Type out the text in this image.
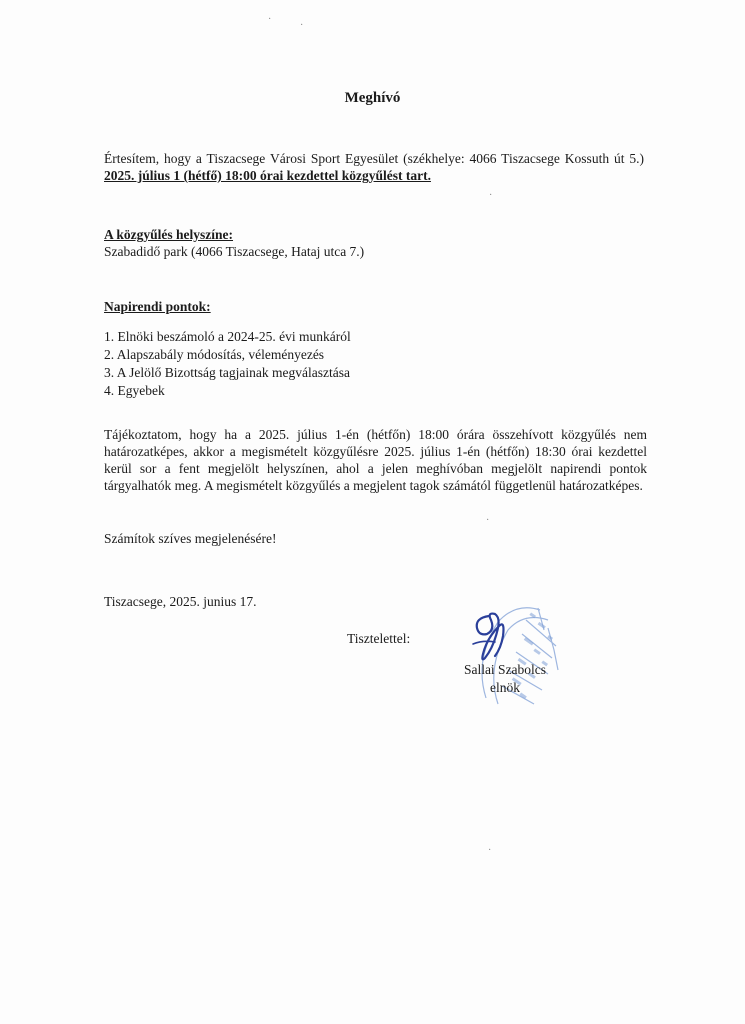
·
·
·
·
·
Meghívó
Értesítem, hogy a Tiszacsege Városi Sport Egyesület (székhelye: 4066 Tiszacsege Kossuth út 5.) 2025. július 1 (hétfő) 18:00 órai kezdettel közgyűlést tart.
A közgyűlés helyszíne:
Szabadidő park (4066 Tiszacsege, Hataj utca 7.)
Napirendi pontok:
1. Elnöki beszámoló a 2024-25. évi munkáról
2. Alapszabály módosítás, véleményezés
3. A Jelölő Bizottság tagjainak megválasztása
4. Egyebek
Tájékoztatom, hogy ha a 2025. július 1-én (hétfőn) 18:00 órára összehívott közgyűlés nem határozatképes, akkor a megismételt közgyűlésre 2025. július 1-én (hétfőn) 18:30 órai kezdettel kerül sor a fent megjelölt helyszínen, ahol a jelen meghívóban megjelölt napirendi pontok tárgyalhatók meg. A megismételt közgyűlés a megjelent tagok számától függetlenül határozatképes.
Számítok szíves megjelenésére!
Tiszacsege, 2025. junius 17.
Tisztelettel:
Sallai Szabolcs
elnök
